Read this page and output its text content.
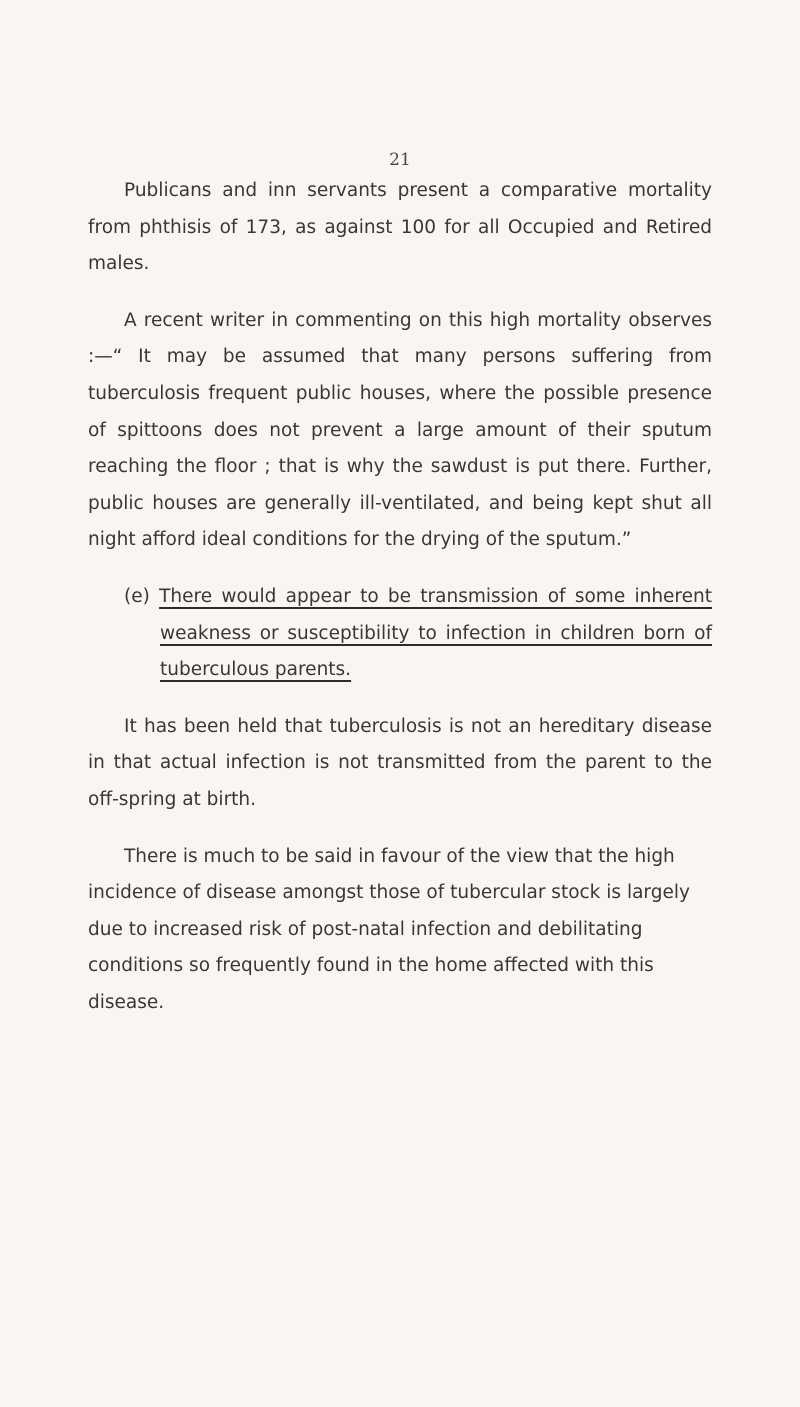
21

Publicans and inn servants present a comparative mortality from phthisis of 173, as against 100 for all Occupied and Retired males.

A recent writer in commenting on this high mortality observes :—“ It may be assumed that many persons suffering from tuberculosis frequent public houses, where the possible presence of spittoons does not prevent a large amount of their sputum reaching the floor ; that is why the sawdust is put there. Further, public houses are generally ill-ventilated, and being kept shut all night afford ideal conditions for the drying of the sputum.”

(e) There would appear to be transmission of some inherent weakness or susceptibility to infection in children born of tuberculous parents.

It has been held that tuberculosis is not an hereditary disease in that actual infection is not transmitted from the parent to the off-spring at birth.

There is much to be said in favour of the view that the high incidence of disease amongst those of tubercular stock is largely due to increased risk of post-natal infection and debilitating conditions so frequently found in the home affected with this disease.
